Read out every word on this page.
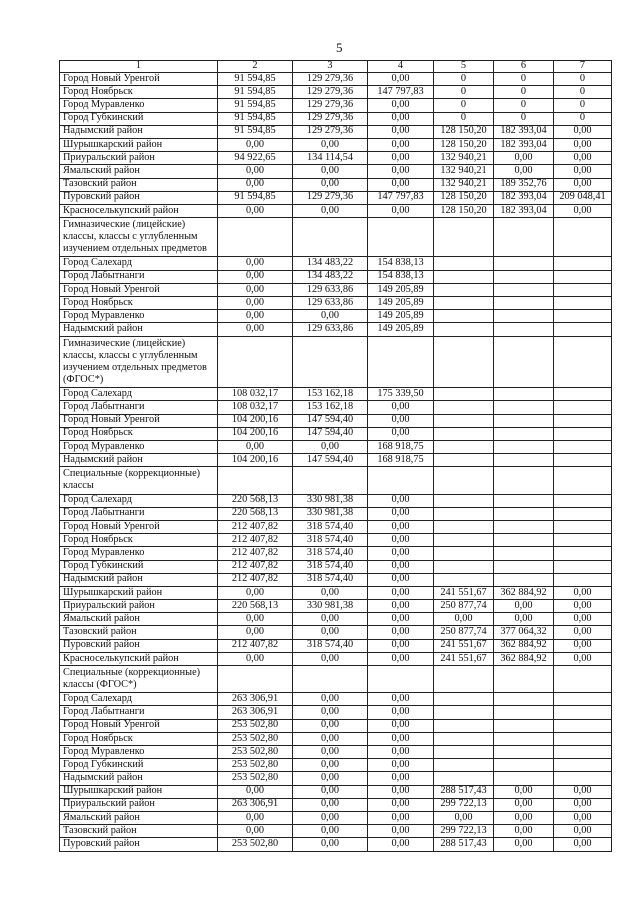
5
1	2	3	4	5	6	7
Город Новый Уренгой	91 594,85	129 279,36	0,00	0	0	0
Город Ноябрьск	91 594,85	129 279,36	147 797,83	0	0	0
Город Муравленко	91 594,85	129 279,36	0,00	0	0	0
Город Губкинский	91 594,85	129 279,36	0,00	0	0	0
Надымский район	91 594,85	129 279,36	0,00	128 150,20	182 393,04	0,00
Шурышкарский район	0,00	0,00	0,00	128 150,20	182 393,04	0,00
Приуральский район	94 922,65	134 114,54	0,00	132 940,21	0,00	0,00
Ямальский район	0,00	0,00	0,00	132 940,21	0,00	0,00
Тазовский район	0,00	0,00	0,00	132 940,21	189 352,76	0,00
Пуровский район	91 594,85	129 279,36	147 797,83	128 150,20	182 393,04	209 048,41
Красноселькупский район	0,00	0,00	0,00	128 150,20	182 393,04	0,00
Гимназические (лицейские) классы, классы с углубленным изучением отдельных предметов						
Город Салехард	0,00	134 483,22	154 838,13			
Город Лабытнанги	0,00	134 483,22	154 838,13			
Город Новый Уренгой	0,00	129 633,86	149 205,89			
Город Ноябрьск	0,00	129 633,86	149 205,89			
Город Муравленко	0,00	0,00	149 205,89			
Надымский район	0,00	129 633,86	149 205,89			
Гимназические (лицейские) классы, классы с углубленным изучением отдельных предметов (ФГОС*)						
Город Салехард	108 032,17	153 162,18	175 339,50			
Город Лабытнанги	108 032,17	153 162,18	0,00			
Город Новый Уренгой	104 200,16	147 594,40	0,00			
Город Ноябрьск	104 200,16	147 594,40	0,00			
Город Муравленко	0,00	0,00	168 918,75			
Надымский район	104 200,16	147 594,40	168 918,75			
Специальные (коррекционные) классы						
Город Салехард	220 568,13	330 981,38	0,00			
Город Лабытнанги	220 568,13	330 981,38	0,00			
Город Новый Уренгой	212 407,82	318 574,40	0,00			
Город Ноябрьск	212 407,82	318 574,40	0,00			
Город Муравленко	212 407,82	318 574,40	0,00			
Город Губкинский	212 407,82	318 574,40	0,00			
Надымский район	212 407,82	318 574,40	0,00			
Шурышкарский район	0,00	0,00	0,00	241 551,67	362 884,92	0,00
Приуральский район	220 568,13	330 981,38	0,00	250 877,74	0,00	0,00
Ямальский район	0,00	0,00	0,00	0,00	0,00	0,00
Тазовский район	0,00	0,00	0,00	250 877,74	377 064,32	0,00
Пуровский район	212 407,82	318 574,40	0,00	241 551,67	362 884,92	0,00
Красноселькупский район	0,00	0,00	0,00	241 551,67	362 884,92	0,00
Специальные (коррекционные) классы (ФГОС*)						
Город Салехард	263 306,91	0,00	0,00			
Город Лабытнанги	263 306,91	0,00	0,00			
Город Новый Уренгой	253 502,80	0,00	0,00			
Город Ноябрьск	253 502,80	0,00	0,00			
Город Муравленко	253 502,80	0,00	0,00			
Город Губкинский	253 502,80	0,00	0,00			
Надымский район	253 502,80	0,00	0,00			
Шурышкарский район	0,00	0,00	0,00	288 517,43	0,00	0,00
Приуральский район	263 306,91	0,00	0,00	299 722,13	0,00	0,00
Ямальский район	0,00	0,00	0,00	0,00	0,00	0,00
Тазовский район	0,00	0,00	0,00	299 722,13	0,00	0,00
Пуровский район	253 502,80	0,00	0,00	288 517,43	0,00	0,00
